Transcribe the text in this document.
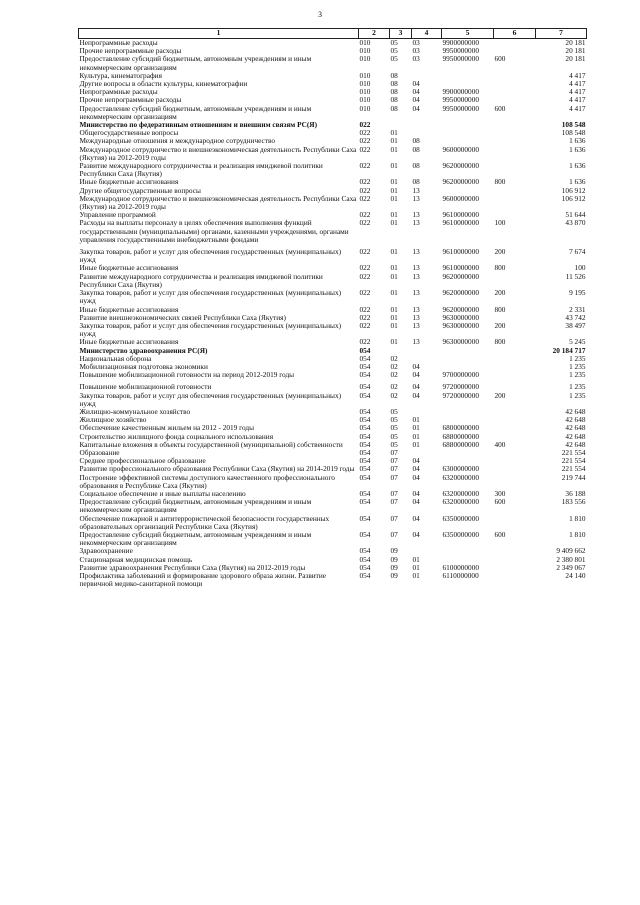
3
1	2	3	4	5	6	7
Непрограммные расходы	010	05	03	9900000000		20 181
Прочие непрограммные расходы	010	05	03	9950000000		20 181
Предоставление субсидий бюджетным, автономным учреждениям и иным некоммерческим организациям	010	05	03	9950000000	600	20 181
Культура, кинематография	010	08				4 417
Другие вопросы в области культуры, кинематографии	010	08	04			4 417
Непрограммные расходы	010	08	04	9900000000		4 417
Прочие непрограммные расходы	010	08	04	9950000000		4 417
Предоставление субсидий бюджетным, автономным учреждениям и иным некоммерческим организациям	010	08	04	9950000000	600	4 417
Министерство по федеративным отношениям и внешним связям РС(Я)	022					108 548
Общегосударственные вопросы	022	01				108 548
Международные отношения и международное сотрудничество	022	01	08			1 636
Международное сотрудничество и внешнеэкономическая деятельность Республики Саха (Якутия) на 2012-2019 годы	022	01	08	9600000000		1 636
Развитие международного сотрудничества и реализация имиджевой политики Республики Саха (Якутия)	022	01	08	9620000000		1 636
Иные бюджетные ассигнования	022	01	08	9620000000	800	1 636
Другие общегосударственные вопросы	022	01	13			106 912
Международное сотрудничество и внешнеэкономическая деятельность Республики Саха (Якутия) на 2012-2019 годы	022	01	13	9600000000		106 912
Управление программой	022	01	13	9610000000		51 644
Расходы на выплаты персоналу в целях обеспечения выполнения функций государственными (муниципальными) органами, казенными учреждениями, органами управления государственными внебюджетными фондами	022	01	13	9610000000	100	43 870
Закупка товаров, работ и услуг для обеспечения государственных (муниципальных) нужд	022	01	13	9610000000	200	7 674
Иные бюджетные ассигнования	022	01	13	9610000000	800	100
Развитие международного сотрудничества и реализация имиджевой политики Республики Саха (Якутия)	022	01	13	9620000000		11 526
Закупка товаров, работ и услуг для обеспечения государственных (муниципальных) нужд	022	01	13	9620000000	200	9 195
Иные бюджетные ассигнования	022	01	13	9620000000	800	2 331
Развитие внешнеэкономических связей Республики Саха (Якутия)	022	01	13	9630000000		43 742
Закупка товаров, работ и услуг для обеспечения государственных (муниципальных) нужд	022	01	13	9630000000	200	38 497
Иные бюджетные ассигнования	022	01	13	9630000000	800	5 245
Министерство здравоохранения РС(Я)	054					20 184 717
Национальная оборона	054	02				1 235
Мобилизационная подготовка экономики	054	02	04			1 235
Повышение мобилизационной готовности на период 2012-2019 годы	054	02	04	9700000000		1 235
Повышение мобилизационной готовности	054	02	04	9720000000		1 235
Закупка товаров, работ и услуг для обеспечения государственных (муниципальных) нужд	054	02	04	9720000000	200	1 235
Жилищно-коммунальное хозяйство	054	05				42 648
Жилищное хозяйство	054	05	01			42 648
Обеспечение качественным жильем на 2012 - 2019 годы	054	05	01	6800000000		42 648
Строительство жилищного фонда социального использования	054	05	01	6880000000		42 648
Капитальные вложения в объекты государственной (муниципальной) собственности	054	05	01	6880000000	400	42 648
Образование	054	07				221 554
Среднее профессиональное образование	054	07	04			221 554
Развитие профессионального образования Республики Саха (Якутия) на 2014-2019 годы	054	07	04	6300000000		221 554
Построение эффективной системы доступного качественного профессионального образования в Республике Саха (Якутия)	054	07	04	6320000000		219 744
Социальное обеспечение и иные выплаты населению	054	07	04	6320000000	300	36 188
Предоставление субсидий бюджетным, автономным учреждениям и иным некоммерческим организациям	054	07	04	6320000000	600	183 556
Обеспечение пожарной и антитеррористической безопасности государственных образовательных организаций Республики Саха (Якутия)	054	07	04	6350000000		1 810
Предоставление субсидий бюджетным, автономным учреждениям и иным некоммерческим организациям	054	07	04	6350000000	600	1 810
Здравоохранение	054	09				9 409 662
Стационарная медицинская помощь	054	09	01			2 380 801
Развитие здравоохранения Республики Саха (Якутия) на 2012-2019 годы	054	09	01	6100000000		2 349 067
Профилактика заболеваний и формирование здорового образа жизни. Развитие первичной медико-санитарной помощи	054	09	01	6110000000		24 140
